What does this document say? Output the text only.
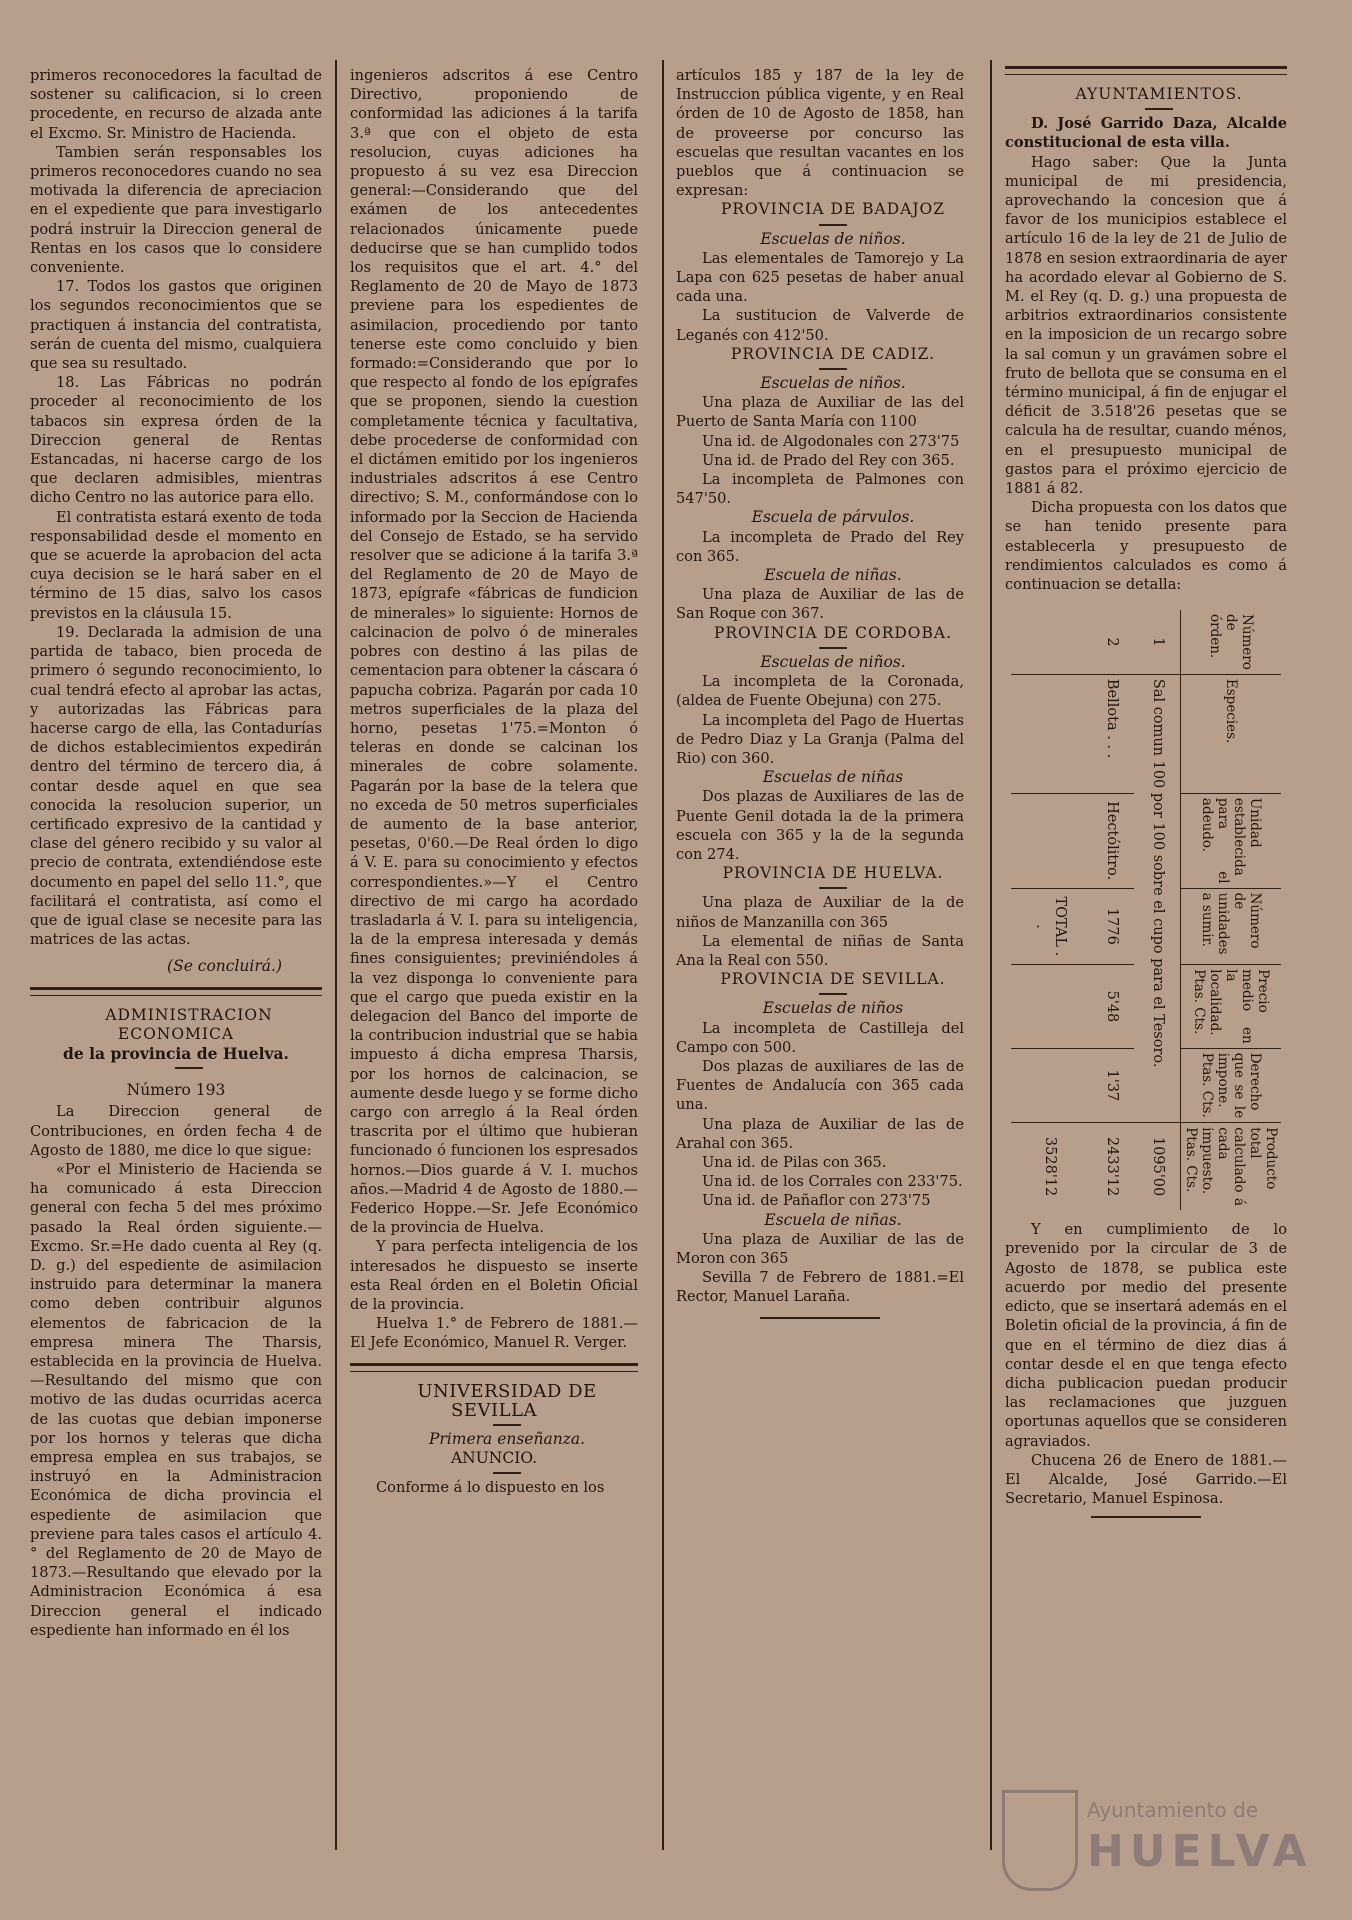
primeros reconocedores la facultad de sostener su calificacion, si lo creen procedente, en recurso de alzada ante el Excmo. Sr. Ministro de Hacienda.

Tambien serán responsables los primeros reconocedores cuando no sea motivada la diferencia de apreciacion en el expediente que para investigarlo podrá instruir la Direccion general de Rentas en los casos que lo considere conveniente.

17. Todos los gastos que originen los segundos reconocimientos que se practiquen á instancia del contratista, serán de cuenta del mismo, cualquiera que sea su resultado.

18. Las Fábricas no podrán proceder al reconocimiento de los tabacos sin expresa órden de la Direccion general de Rentas Estancadas, ni hacerse cargo de los que declaren admisibles, mientras dicho Centro no las autorice para ello.

El contratista estará exento de toda responsabilidad desde el momento en que se acuerde la aprobacion del acta cuya decision se le hará saber en el término de 15 dias, salvo los casos previstos en la cláusula 15.

19. Declarada la admision de una partida de tabaco, bien proceda de primero ó segundo reconocimiento, lo cual tendrá efecto al aprobar las actas, y autorizadas las Fábricas para hacerse cargo de ella, las Contadurías de dichos establecimientos expedirán dentro del término de tercero dia, á contar desde aquel en que sea conocida la resolucion superior, un certificado expresivo de la cantidad y clase del género recibido y su valor al precio de contrata, extendiéndose este documento en papel del sello 11.°, que facilitará el contratista, así como el que de igual clase se necesite para las matrices de las actas.

(Se concluirá.)

ADMINISTRACION ECONOMICA

de la provincia de Huelva.

Número 193

La Direccion general de Contribuciones, en órden fecha 4 de Agosto de 1880, me dice lo que sigue:

«Por el Ministerio de Hacienda se ha comunicado á esta Direccion general con fecha 5 del mes próximo pasado la Real órden siguiente.—Excmo. Sr.=He dado cuenta al Rey (q. D. g.) del espediente de asimilacion instruido para determinar la manera como deben contribuir algunos elementos de fabricacion de la empresa minera The Tharsis, establecida en la provincia de Huelva.—Resultando del mismo que con motivo de las dudas ocurridas acerca de las cuotas que debian imponerse por los hornos y teleras que dicha empresa emplea en sus trabajos, se instruyó en la Administracion Económica de dicha provincia el espediente de asimilacion que previene para tales casos el artículo 4.° del Reglamento de 20 de Mayo de 1873.—Resultando que elevado por la Administracion Económica á esa Direccion general el indicado espediente han informado en él los

ingenieros adscritos á ese Centro Directivo, proponiendo de conformidad las adiciones á la tarifa 3.ª que con el objeto de esta resolucion, cuyas adiciones ha propuesto á su vez esa Direccion general:—Considerando que del exámen de los antecedentes relacionados únicamente puede deducirse que se han cumplido todos los requisitos que el art. 4.° del Reglamento de 20 de Mayo de 1873 previene para los espedientes de asimilacion, procediendo por tanto tenerse este como concluido y bien formado:=Considerando que por lo que respecto al fondo de los epígrafes que se proponen, siendo la cuestion completamente técnica y facultativa, debe procederse de conformidad con el dictámen emitido por los ingenieros industriales adscritos á ese Centro directivo; S. M., conformándose con lo informado por la Seccion de Hacienda del Consejo de Estado, se ha servido resolver que se adicione á la tarifa 3.ª del Reglamento de 20 de Mayo de 1873, epígrafe «fábricas de fundicion de minerales» lo siguiente: Hornos de calcinacion de polvo ó de minerales pobres con destino á las pilas de cementacion para obtener la cáscara ó papucha cobriza. Pagarán por cada 10 metros superficiales de la plaza del horno, pesetas 1'75.=Monton ó teleras en donde se calcinan los minerales de cobre solamente. Pagarán por la base de la telera que no exceda de 50 metros superficiales de aumento de la base anterior, pesetas, 0'60.—De Real órden lo digo á V. E. para su conocimiento y efectos correspondientes.»—Y el Centro directivo de mi cargo ha acordado trasladarla á V. I. para su inteligencia, la de la empresa interesada y demás fines consiguientes; previniéndoles á la vez disponga lo conveniente para que el cargo que pueda existir en la delegacion del Banco del importe de la contribucion industrial que se habia impuesto á dicha empresa Tharsis, por los hornos de calcinacion, se aumente desde luego y se forme dicho cargo con arreglo á la Real órden trascrita por el último que hubieran funcionado ó funcionen los espresados hornos.—Dios guarde á V. I. muchos años.—Madrid 4 de Agosto de 1880.—Federico Hoppe.—Sr. Jefe Económico de la provincia de Huelva.

Y para perfecta inteligencia de los interesados he dispuesto se inserte esta Real órden en el Boletin Oficial de la provincia.

Huelva 1.° de Febrero de 1881.—El Jefe Económico, Manuel R. Verger.

UNIVERSIDAD DE SEVILLA

Primera enseñanza.

ANUNCIO.

Conforme á lo dispuesto en los

artículos 185 y 187 de la ley de Instruccion pública vigente, y en Real órden de 10 de Agosto de 1858, han de proveerse por concurso las escuelas que resultan vacantes en los pueblos que á continuacion se expresan:

PROVINCIA DE BADAJOZ

Escuelas de niños.

Las elementales de Tamorejo y La Lapa con 625 pesetas de haber anual cada una.

La sustitucion de Valverde de Leganés con 412'50.

PROVINCIA DE CADIZ.

Escuelas de niños.

Una plaza de Auxiliar de las del Puerto de Santa María con 1100

Una id. de Algodonales con 273'75

Una id. de Prado del Rey con 365.

La incompleta de Palmones con 547'50.

Escuela de párvulos.

La incompleta de Prado del Rey con 365.

Escuela de niñas.

Una plaza de Auxiliar de las de San Roque con 367.

PROVINCIA DE CORDOBA.

Escuelas de niños.

La incompleta de la Coronada, (aldea de Fuente Obejuna) con 275.

La incompleta del Pago de Huertas de Pedro Diaz y La Granja (Palma del Rio) con 360.

Escuelas de niñas

Dos plazas de Auxiliares de las de Puente Genil dotada la de la primera escuela con 365 y la de la segunda con 274.

PROVINCIA DE HUELVA.

Una plaza de Auxiliar de la de niños de Manzanilla con 365

La elemental de niñas de Santa Ana la Real con 550.

PROVINCIA DE SEVILLA.

Escuelas de niños

La incompleta de Castilleja del Campo con 500.

Dos plazas de auxiliares de las de Fuentes de Andalucía con 365 cada una.

Una plaza de Auxiliar de las de Arahal con 365.

Una id. de Pilas con 365.

Una id. de los Corrales con 233'75.

Una id. de Pañaflor con 273'75

Escuela de niñas.

Una plaza de Auxiliar de las de Moron con 365

Sevilla 7 de Febrero de 1881.=El Rector, Manuel Laraña.

AYUNTAMIENTOS.

D. José Garrido Daza, Alcalde constitucional de esta villa.

Hago saber: Que la Junta municipal de mi presidencia, aprovechando la concesion que á favor de los municipios establece el artículo 16 de la ley de 21 de Julio de 1878 en sesion extraordinaria de ayer ha acordado elevar al Gobierno de S. M. el Rey (q. D. g.) una propuesta de arbitrios extraordinarios consistente en la imposicion de un recargo sobre la sal comun y un gravámen sobre el fruto de bellota que se consuma en el término municipal, á fin de enjugar el déficit de 3.518'26 pesetas que se calcula ha de resultar, cuando ménos, en el presupuesto municipal de gastos para el próximo ejercicio de 1881 á 82.

Dicha propuesta con los datos que se han tenido presente para establecerla y presupuesto de rendimientos calculados es como á continuacion se detalla:

Número de órden.	Especies.	Unidad establecida para el adeudo.	Número de unidades a sumir.	Precio medio en la localidad. Ptas. Cts.	Derecho que se le impone. Ptas. Cts.	Producto total calculado á cada impuesto. Ptas. Cts.
1	Sal comun 100 por 100 sobre el cupo para el Tesoro.					1095'00
2	Bellota . . .	Hectólitro.	1776	5'48	1'37	2433'12
			TOTAL . .			3528'12

Y en cumplimiento de lo prevenido por la circular de 3 de Agosto de 1878, se publica este acuerdo por medio del presente edicto, que se insertará además en el Boletin oficial de la provincia, á fin de que en el término de diez dias á contar desde el en que tenga efecto dicha publicacion puedan producir las reclamaciones que juzguen oportunas aquellos que se consideren agraviados.

Chucena 26 de Enero de 1881.—El Alcalde, José Garrido.—El Secretario, Manuel Espinosa.

Ayuntamiento de
HUELVA
